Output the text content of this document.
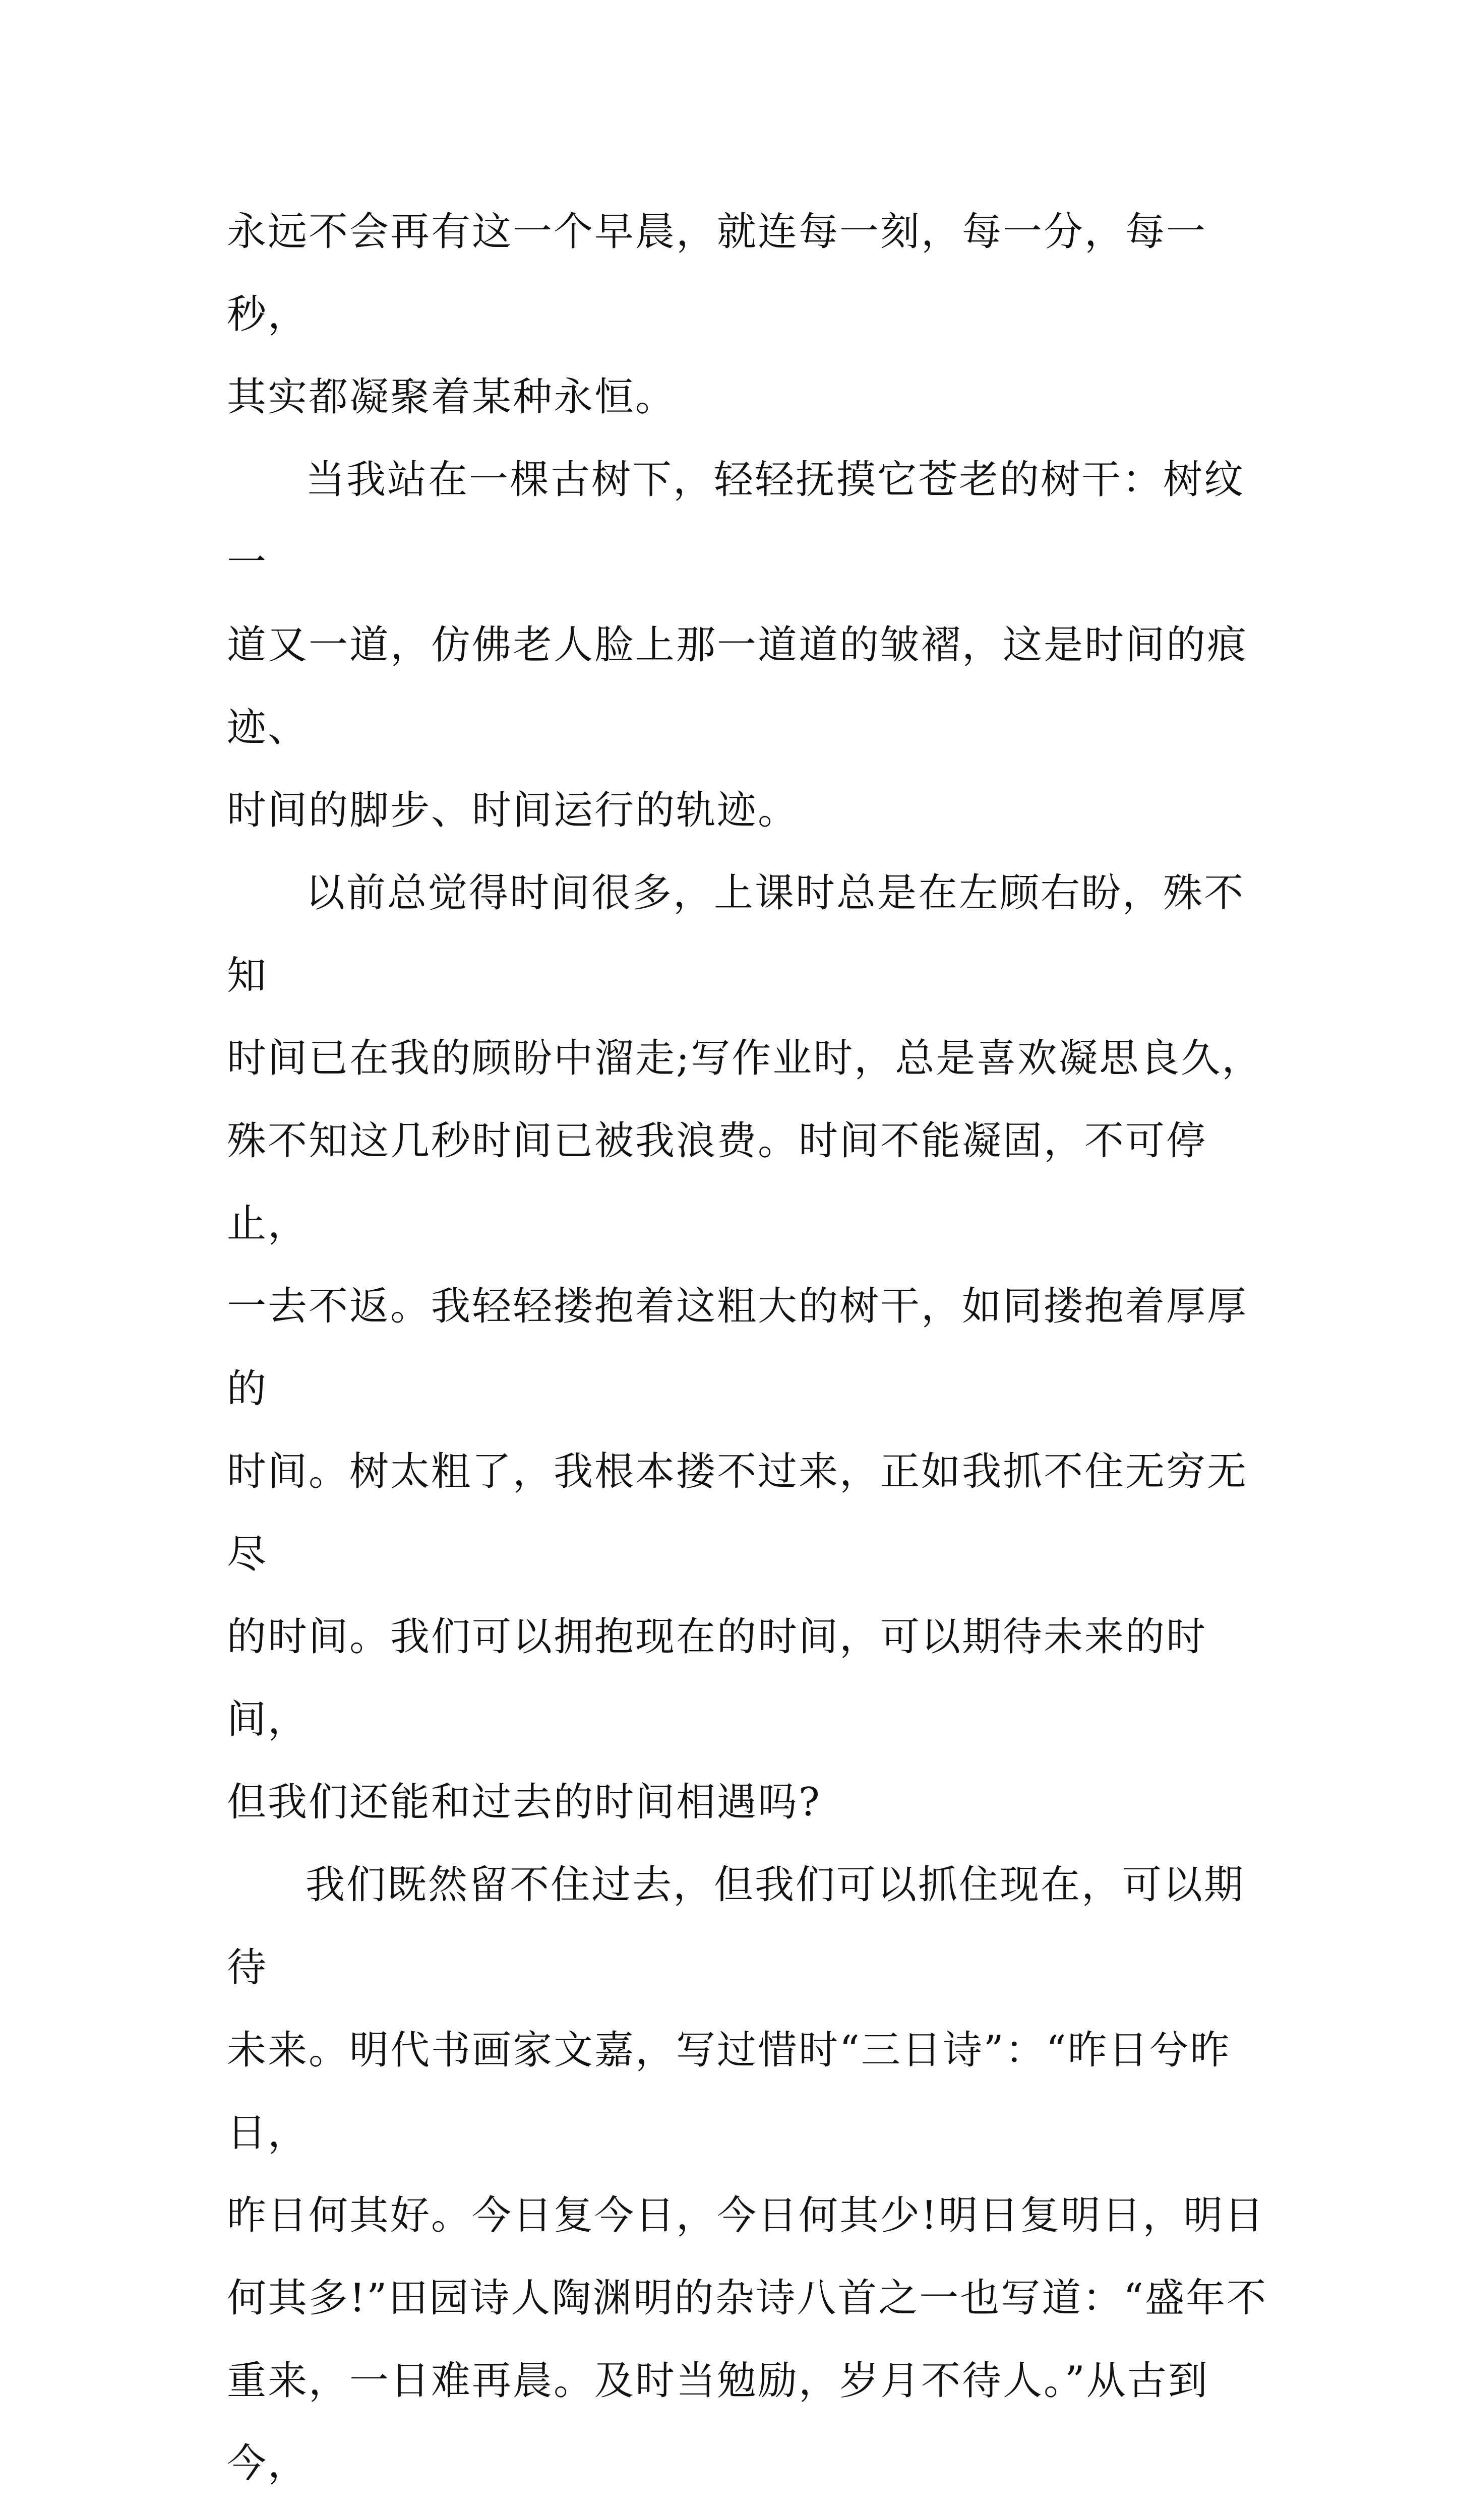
永远不会再有这一个早晨，就连每一刻，每一分，每一秒，
其实都凝聚着某种永恒。

当我站在一棵古树下，轻轻抚摸它苍老的树干：树纹一
道又一道，仿佛老人脸上那一道道的皱褶，这是时间的痕迹、
时间的脚步、时间运行的轨迹。

以前总觉得时间很多，上课时总是在左顾右盼，殊不知
时间已在我的顾盼中溜走;写作业时，总是喜欢凝思良久，
殊不知这几秒时间已被我浪费。时间不能凝固，不可停止，
一去不返。我轻轻搂抱着这粗大的树干，如同搂抱着厚厚的
时间。树太粗了，我根本搂不过来，正如我抓不住无穷无尽
的时间。我们可以拥抱现在的时间，可以期待未来的时间，
但我们还能和过去的时间相遇吗?

我们既然留不住过去，但我们可以抓住现在，可以期待
未来。明代书画家文嘉，写过惜时“三日诗”：“昨日兮昨日，
昨日何其好。今日复今日，今日何其少!明日复明日，明日
何其多!”田园诗人陶渊明的杂诗八首之一也写道：“盛年不
重来，一日难再晨。及时当勉励，岁月不待人。”从古到今，
